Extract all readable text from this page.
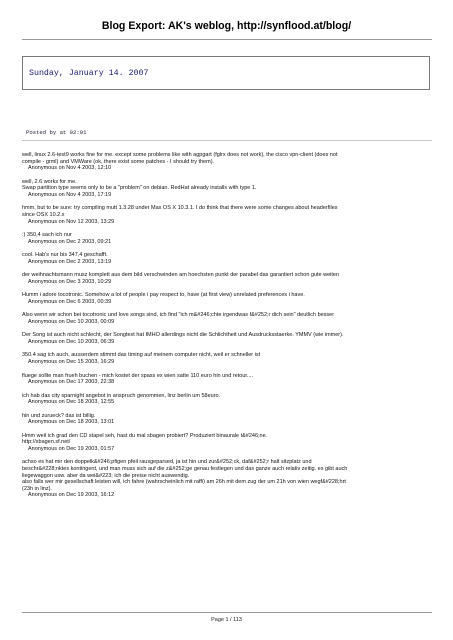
Blog Export: AK's weblog, http://synflood.at/blog/
Sunday, January 14. 2007
Posted by at 02:01
well, linux 2.6-test9 works fine for me. except some problems like with agpgart (fglrx does not work), the cisco vpn-client (does not
compile - grml) and VMWare (ok, there exist some patches - I should try them).
Anonymous on Nov 4 2003, 12:10
well, 2.6 works for me.
Swap partition type seems only to be a "problem" on debian. RedHat already installs with type 1.
Anonymous on Nov 4 2003, 17:19
hmm, but to be sure: try compiling mutt 1.3.28 under Max OS X 10.3.1. I do think that there were some changes about headerfiles
since OSX 10.2.x
Anonymous on Nov 12 2003, 13:29
:) 350,4 sach ich nur
Anonymous on Dec 2 2003, 09:21
cool. Hab's nur bis 347,4 geschafft.
Anonymous on Dec 2 2003, 13:19
der weihnachtsmann musz komplett aus dem bild verschwinden am hoechsten punkt der parabel das garantiert schon gute weiten
Anonymous on Dec 3 2003, 10:29
Humm i adore tocotronic. Somehow a lot of people i pay respect to, have (at first view) unrelated preferences i have.
Anonymous on Dec 6 2003, 00:39
Also wenn wir schon bei tocotronic und love songs sind, ich find "ich m&#246;chte irgendwas f&#252;r dich sein" deutlich besser
Anonymous on Dec 10 2003, 00:09
Der Song ist auch nicht schlecht, der Songtext hat IMHO allerdings nicht die Schlichtheit und Ausdrucksstaerke. YMMV (wie immer).
Anonymous on Dec 10 2003, 06:39
350.4 sag ich auch, ausserdem stimmt das timing auf meinem computer nicht, weil er schneller ist
Anonymous on Dec 15 2003, 16:29
fluege sollte man frueh buchen - mich kostet der spass ex wien satte 110 euro hin und retour....
Anonymous on Dec 17 2003, 22:38
ich hab das city sparnight angebot in anspruch genommen, linz berlin um 58euro.
Anonymous on Dec 18 2003, 12:55
hin und zurueck? das ist billig.
Anonymous on Dec 18 2003, 13:01
Hmm weil ich grad den CD stapel seh, hast du mal sbagen probiert? Produziert binaurale t&#246;ne.
http://sbagen.sf.net/
Anonymous on Dec 19 2003, 01:57
achso es hat mir den doppelk&#246;pfigen pfeil rausgeparsed, ja ist hin und zur&#252;ck, daf&#252;r halt sitzplatz und
beschr&#228;nktes kontingent, und man muss sich auf die z&#252;ge genau festlegen und das ganze auch relativ zeitig. es gibt auch
liegewaggon usw. aber da wei&#223; ich die preise nicht auswendig.
also falls wer mir gesellschaft leisten will, ich fahre (wahrscheinlich mit raffi) am 26h mit dem zug der um 21h von wien wegf&#228;hrt
(23h in linz).
Anonymous on Dec 19 2003, 16:12
Page 1 / 113
